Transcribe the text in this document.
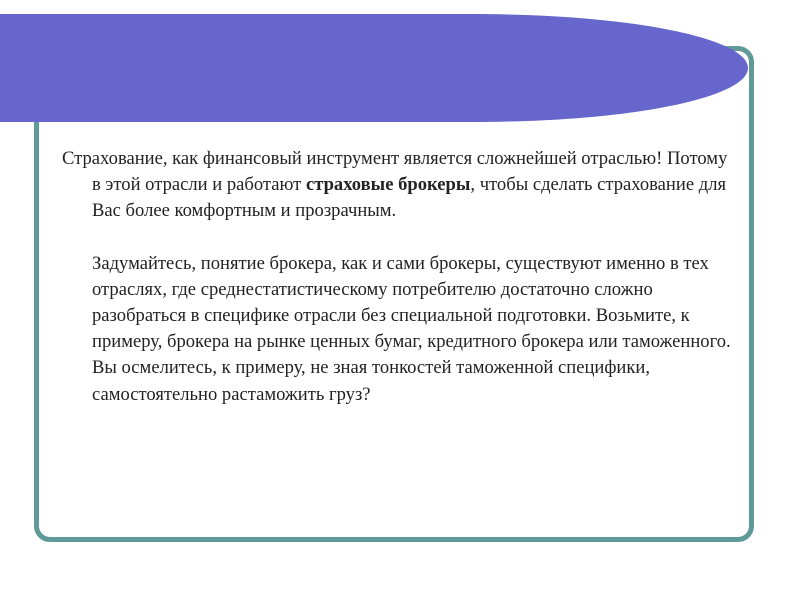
Страхование, как финансовый инструмент является сложнейшей отраслью! Потому в этой отрасли и работают страховые брокеры, чтобы сделать страхование для Вас более комфортным и прозрачным.

Задумайтесь, понятие брокера, как и сами брокеры, существуют именно в тех отраслях, где среднестатистическому потребителю достаточно сложно разобраться в специфике отрасли без специальной подготовки. Возьмите, к примеру, брокера на рынке ценных бумаг, кредитного брокера или таможенного. Вы осмелитесь, к примеру, не зная тонкостей таможенной специфики, самостоятельно растаможить груз?
